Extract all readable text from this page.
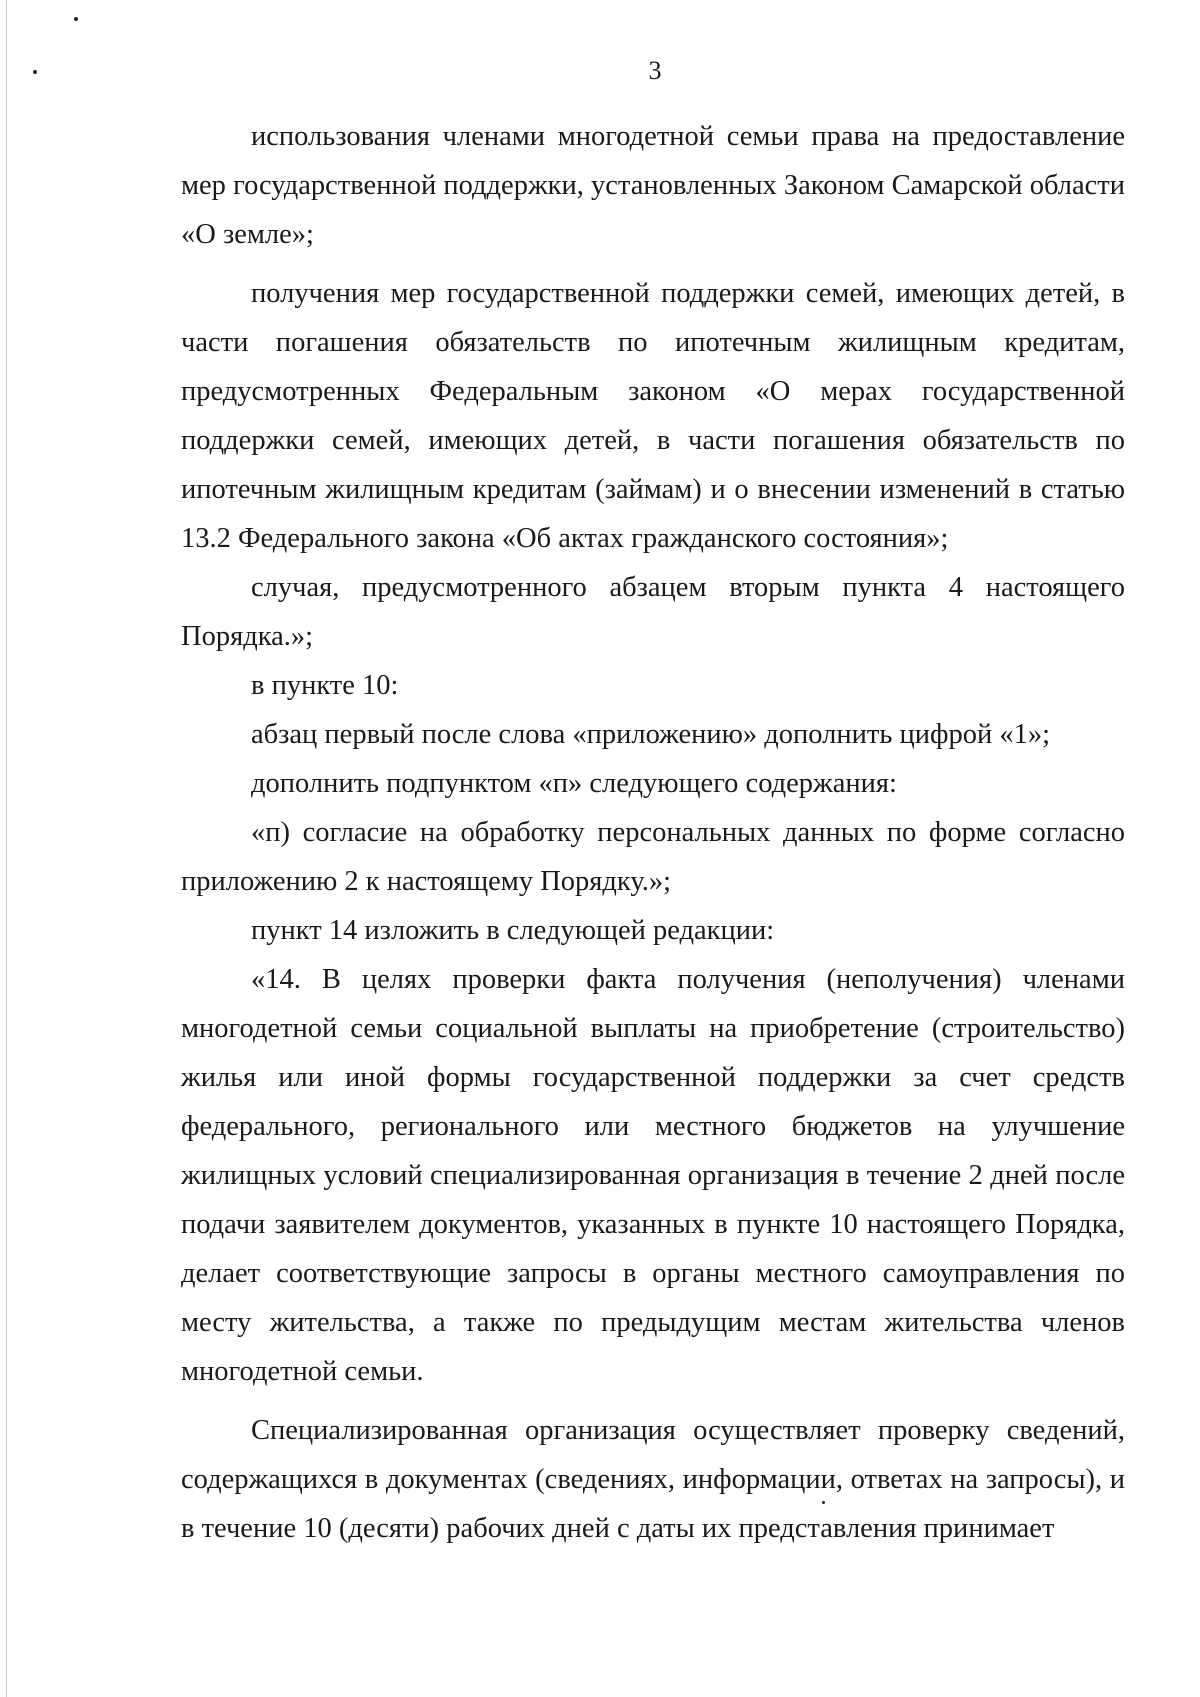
3

использования членами многодетной семьи права на предоставление мер государственной поддержки, установленных Законом Самарской области «О земле»;

получения мер государственной поддержки семей, имеющих детей, в части погашения обязательств по ипотечным жилищным кредитам, предусмотренных Федеральным законом «О мерах государственной поддержки семей, имеющих детей, в части погашения обязательств по ипотечным жилищным кредитам (займам) и о внесении изменений в статью 13.2 Федерального закона «Об актах гражданского состояния»;

случая, предусмотренного абзацем вторым пункта 4 настоящего Порядка.»;

в пункте 10:

абзац первый после слова «приложению» дополнить цифрой «1»;

дополнить подпунктом «п» следующего содержания:

«п) согласие на обработку персональных данных по форме согласно приложению 2 к настоящему Порядку.»;

пункт 14 изложить в следующей редакции:

«14. В целях проверки факта получения (неполучения) членами многодетной семьи социальной выплаты на приобретение (строительство) жилья или иной формы государственной поддержки за счет средств федерального, регионального или местного бюджетов на улучшение жилищных условий специализированная организация в течение 2 дней после подачи заявителем документов, указанных в пункте 10 настоящего Порядка, делает соответствующие запросы в органы местного самоуправления по месту жительства, а также по предыдущим местам жительства членов многодетной семьи.

Специализированная организация осуществляет проверку сведений, содержащихся в документах (сведениях, информации, ответах на запросы), и в течение 10 (десяти) рабочих дней с даты их представления принимает
